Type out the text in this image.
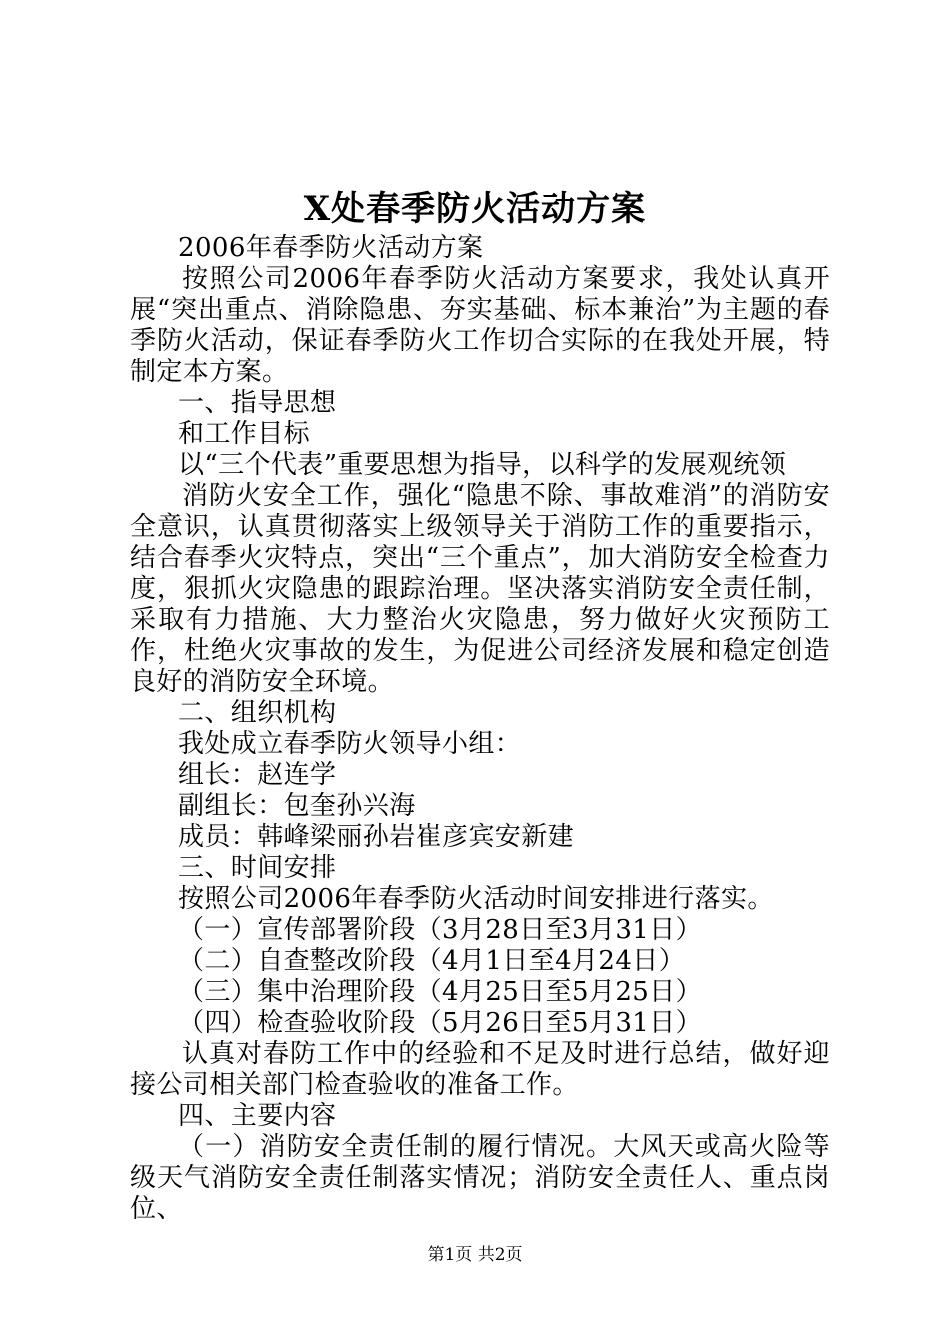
X处春季防火活动方案

2006年春季防火活动方案

按照公司2006年春季防火活动方案要求，我处认真开展“突出重点、消除隐患、夯实基础、标本兼治”为主题的春季防火活动，保证春季防火工作切合实际的在我处开展，特制定本方案。

一、指导思想

和工作目标

以“三个代表”重要思想为指导，以科学的发展观统领

消防火安全工作，强化“隐患不除、事故难消”的消防安全意识，认真贯彻落实上级领导关于消防工作的重要指示，结合春季火灾特点，突出“三个重点”，加大消防安全检查力度，狠抓火灾隐患的跟踪治理。坚决落实消防安全责任制，采取有力措施、大力整治火灾隐患，努力做好火灾预防工作，杜绝火灾事故的发生，为促进公司经济发展和稳定创造良好的消防安全环境。

二、组织机构

我处成立春季防火领导小组：

组长：赵连学

副组长：包奎孙兴海

成员：韩峰梁丽孙岩崔彦宾安新建

三、时间安排

按照公司2006年春季防火活动时间安排进行落实。

（一）宣传部署阶段（3月28日至3月31日）

（二）自查整改阶段（4月1日至4月24日）

（三）集中治理阶段（4月25日至5月25日）

（四）检查验收阶段（5月26日至5月31日）

认真对春防工作中的经验和不足及时进行总结，做好迎接公司相关部门检查验收的准备工作。

四、主要内容

（一）消防安全责任制的履行情况。大风天或高火险等级天气消防安全责任制落实情况；消防安全责任人、重点岗位、

第1页 共2页
